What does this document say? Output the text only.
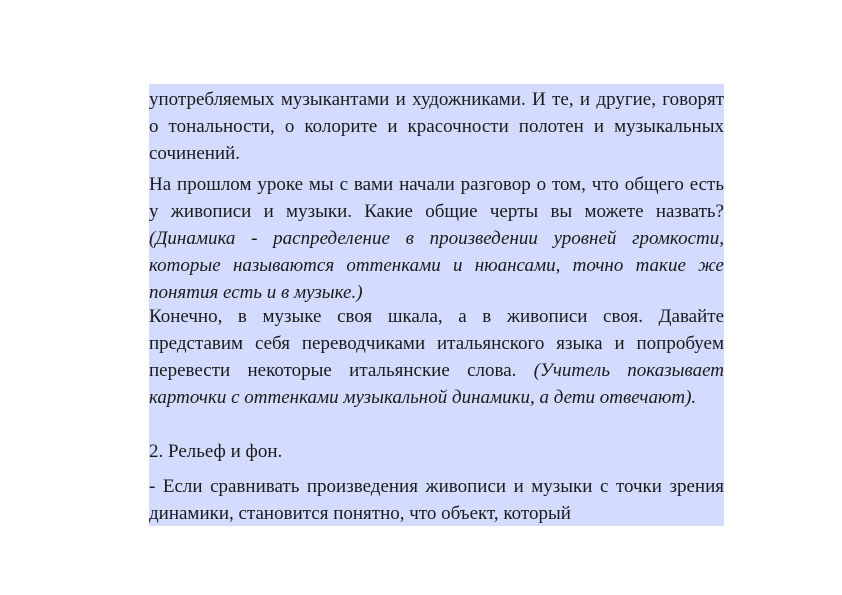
употребляемых музыкантами и художниками. И те, и другие, говорят о тональности, о колорите и красочности полотен и музыкальных сочинений.

На прошлом уроке мы с вами начали разговор о том, что общего есть у живописи и музыки. Какие общие черты вы можете назвать? (Динамика - распределение в произведении уровней громкости, которые называются оттенками и нюансами, точно такие же понятия есть и в музыке.)

Конечно, в музыке своя шкала, а в живописи своя. Давайте представим себя переводчиками итальянского языка и попробуем перевести некоторые итальянские слова. (Учитель показывает карточки с оттенками музыкальной динамики, а дети отвечают).

2. Рельеф и фон.

- Если сравнивать произведения живописи и музыки с точки зрения динамики, становится понятно, что объект, который
